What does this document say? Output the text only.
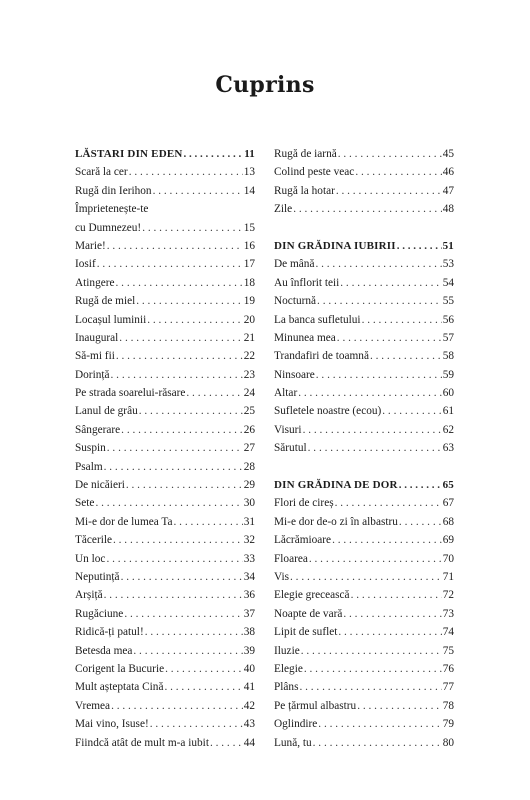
Cuprins
LĂSTARI DIN EDEN . . .	11
Scară la cer . . .	13
Rugă din Ierihon . . .	14
Împrietenește-te
cu Dumnezeu! . . .	15
Marie! . . .	16
Iosif . . .	17
Atingere . . .	18
Rugă de miel . . .	19
Locașul luminii . . .	20
Inaugural . . .	21
Să-mi fii . . .	22
Dorință . . .	23
Pe strada soarelui-răsare . . .	24
Lanul de grâu . . .	25
Sângerare . . .	26
Suspin . . .	27
Psalm . . .	28
De nicăieri . . .	29
Sete . . .	30
Mi-e dor de lumea Ta . . .	31
Tăcerile . . .	32
Un loc . . .	33
Neputință . . .	34
Arșiță . . .	36
Rugăciune . . .	37
Ridică-ți patul! . . .	38
Betesda mea . . .	39
Corigent la Bucurie . . .	40
Mult așteptata Cină . . .	41
Vremea . . .	42
Mai vino, Isuse! . . .	43
Fiindcă atât de mult m-a iubit . . .	44
Rugă de iarnă . . .	45
Colind peste veac . . .	46
Rugă la hotar . . .	47
Zile . . .	48
DIN GRĂDINA IUBIRII . . .	51
De mână . . .	53
Au înflorit teii . . .	54
Nocturnă . . .	55
La banca sufletului . . .	56
Minunea mea . . .	57
Trandafiri de toamnă . . .	58
Ninsoare . . .	59
Altar . . .	60
Sufletele noastre (ecou) . . .	61
Visuri . . .	62
Sărutul . . .	63
DIN GRĂDINA DE DOR . . .	65
Flori de cireș . . .	67
Mi-e dor de-o zi în albastru . . .	68
Lăcrămioare . . .	69
Floarea . . .	70
Vis . . .	71
Elegie grecească . . .	72
Noapte de vară . . .	73
Lipit de suflet . . .	74
Iluzie . . .	75
Elegie . . .	76
Plâns . . .	77
Pe țărmul albastru . . .	78
Oglindire . . .	79
Lună, tu . . .	80
